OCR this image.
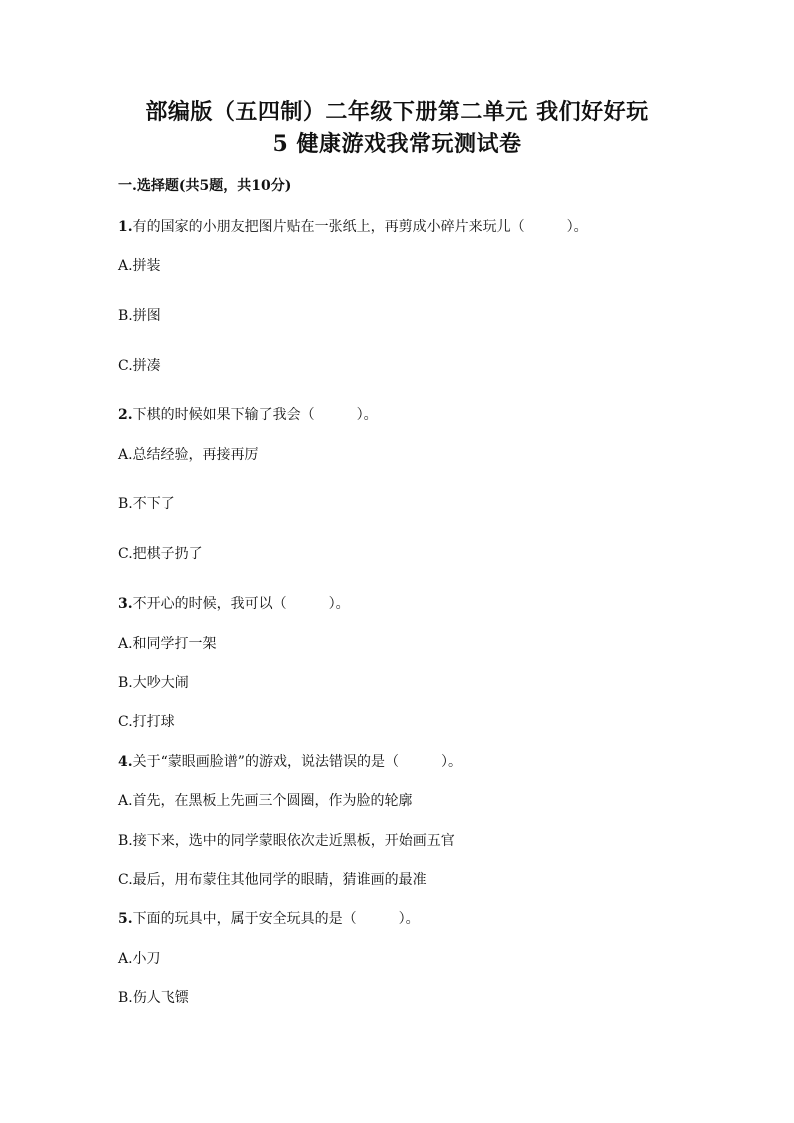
部编版（五四制）二年级下册第二单元 我们好好玩
5 健康游戏我常玩测试卷
一.选择题(共5题，共10分)
1.有的国家的小朋友把图片贴在一张纸上，再剪成小碎片来玩儿（　　　）。
A.拼装
B.拼图
C.拼凑
2.下棋的时候如果下输了我会（　　　）。
A.总结经验，再接再厉
B.不下了
C.把棋子扔了
3.不开心的时候，我可以（　　　）。
A.和同学打一架
B.大吵大闹
C.打打球
4.关于“蒙眼画脸谱”的游戏，说法错误的是（　　　）。
A.首先，在黑板上先画三个圆圈，作为脸的轮廓
B.接下来，选中的同学蒙眼依次走近黑板，开始画五官
C.最后，用布蒙住其他同学的眼睛，猜谁画的最准
5.下面的玩具中，属于安全玩具的是（　　　）。
A.小刀
B.伤人飞镖
